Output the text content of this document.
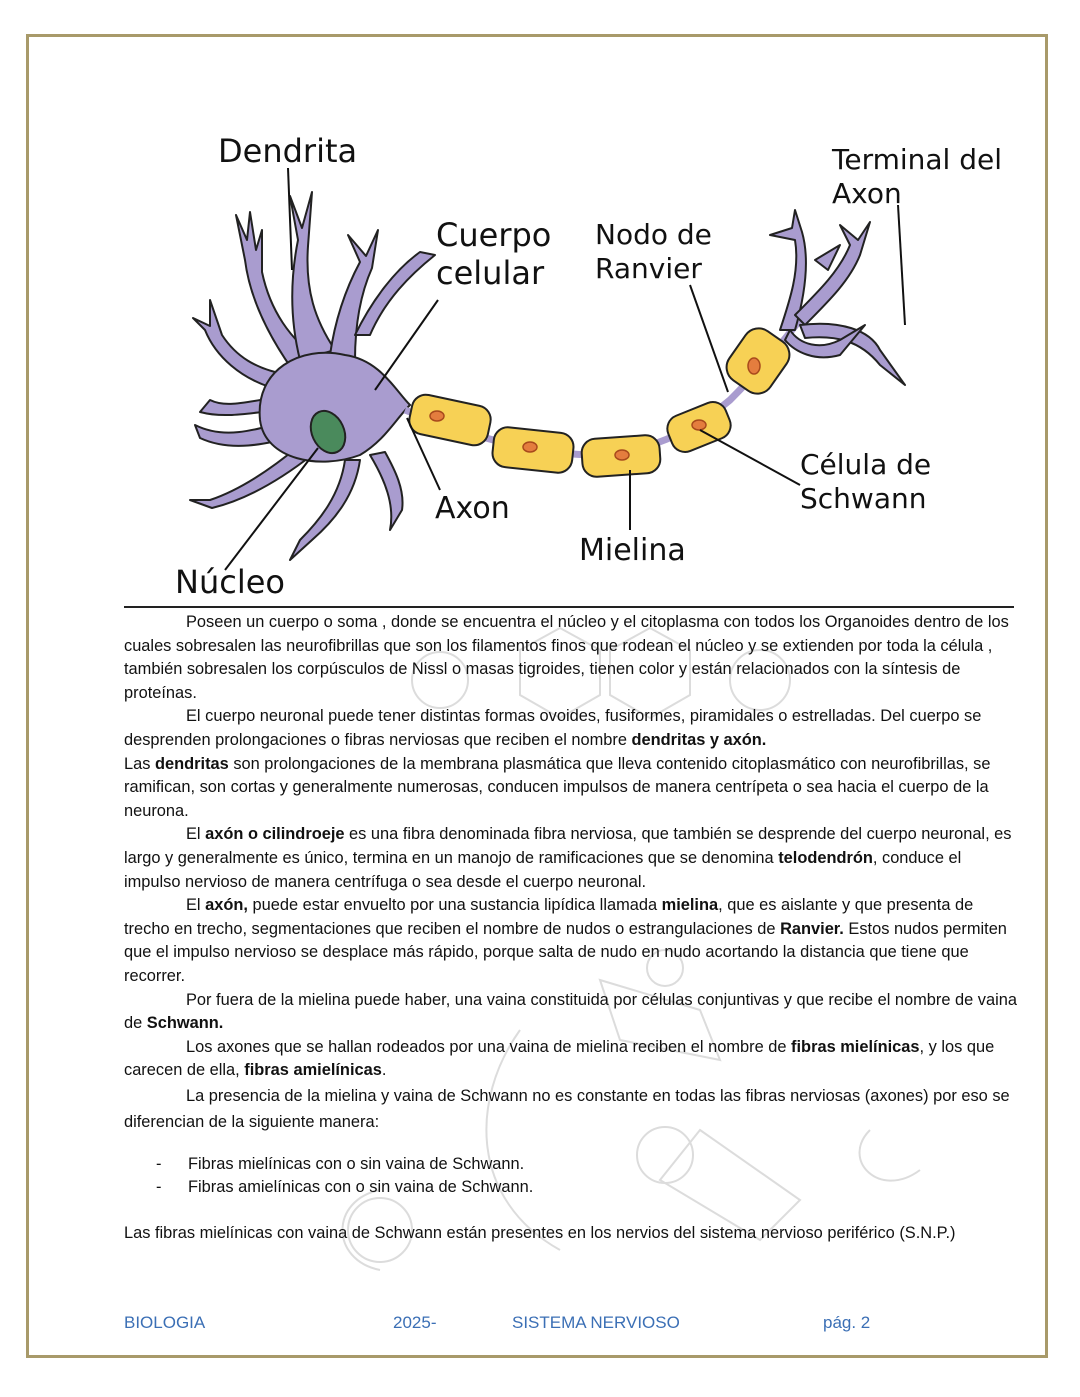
Dendrita
Cuerpo
celular
Nodo de
Ranvier
Terminal del
Axon
Axon
Mielina
Célula de
Schwann
Núcleo

Poseen un cuerpo o soma , donde se encuentra el núcleo y el citoplasma con todos los Organoides dentro de los cuales sobresalen las neurofibrillas que son los filamentos finos que rodean el núcleo y se extienden por toda la célula , también sobresalen los corpúsculos de Nissl o masas tigroides, tienen color y están relacionados con la síntesis de proteínas.

El cuerpo neuronal puede tener distintas formas ovoides, fusiformes, piramidales o estrelladas. Del cuerpo se desprenden prolongaciones o fibras nerviosas que reciben el nombre dendritas y axón.

Las dendritas son prolongaciones de la membrana plasmática que lleva contenido citoplasmático con neurofibrillas, se ramifican, son cortas y generalmente numerosas, conducen impulsos de manera centrípeta o sea hacia el cuerpo de la neurona.

El axón o cilindroeje es una fibra denominada fibra nerviosa, que también se desprende del cuerpo neuronal, es largo y generalmente es único, termina en un manojo de ramificaciones que se denomina telodendrón, conduce el impulso nervioso de manera centrífuga o sea desde el cuerpo neuronal.

El axón, puede estar envuelto por una sustancia lipídica llamada mielina, que es aislante y que presenta de trecho en trecho, segmentaciones que reciben el nombre de nudos o estrangulaciones de Ranvier. Estos nudos permiten que el impulso nervioso se desplace más rápido, porque salta de nudo en nudo acortando la distancia que tiene que recorrer.

Por fuera de la mielina puede haber, una vaina constituida por células conjuntivas y que recibe el nombre de vaina de Schwann.

Los axones que se hallan rodeados por una vaina de mielina reciben el nombre de fibras mielínicas, y los que carecen de ella, fibras amielínicas.

La presencia de la mielina y vaina de Schwann no es constante en todas las fibras nerviosas (axones) por eso se diferencian de la siguiente manera:

- Fibras mielínicas con o sin vaina de Schwann.
- Fibras amielínicas con o sin vaina de Schwann.

Las fibras mielínicas con vaina de Schwann están presentes en los nervios del sistema nervioso periférico (S.N.P.)

BIOLOGIA	2025-	SISTEMA NERVIOSO	pág. 2
